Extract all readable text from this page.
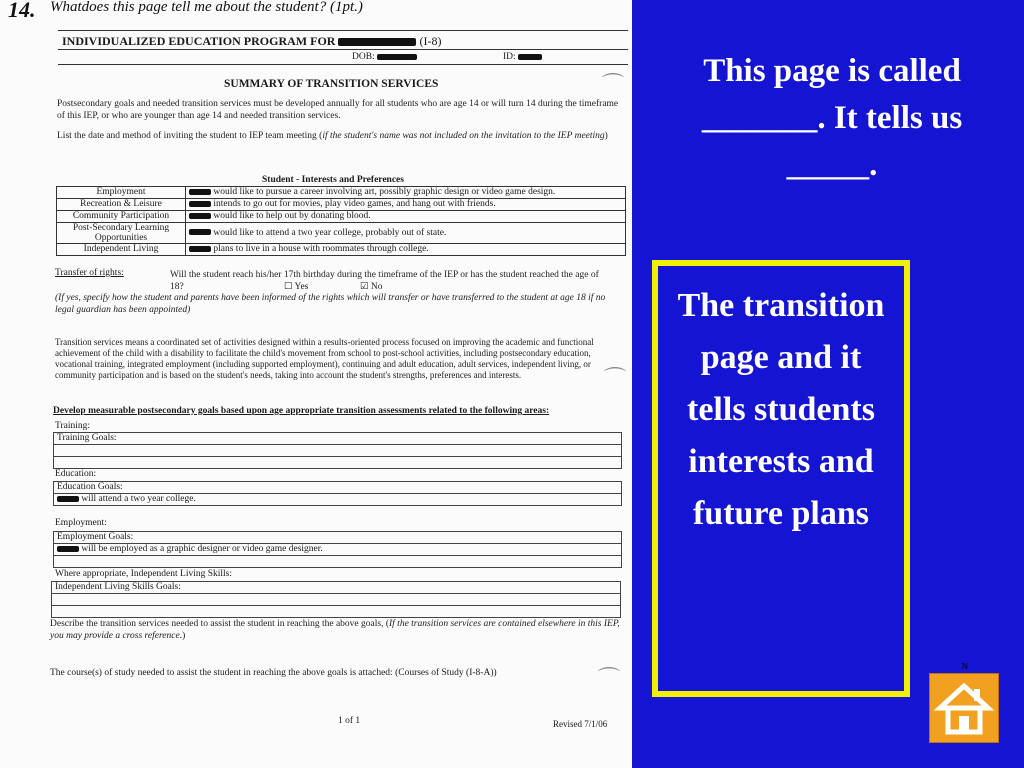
14. Whatdoes this page tell me about the student? (1pt.)
INDIVIDUALIZED EDUCATION PROGRAM FOR	(I-8)
DOB:	ID:
SUMMARY OF TRANSITION SERVICES	⌒
Postsecondary goals and needed transition services must be developed annually for all students who are age 14 or will turn 14 during the timeframe of this IEP, or who are younger than age 14 and needed transition services.
List the date and method of inviting the student to IEP team meeting (if the student's name was not included on the invitation to the IEP meeting)
Student - Interests and Preferences
Employment	would like to pursue a career involving art, possibly graphic design or video game design.
Recreation & Leisure	intends to go out for movies, play video games, and hang out with friends.
Community Participation	would like to help out by donating blood.
Post-Secondary Learning Opportunities	would like to attend a two year college, probably out of state.
Independent Living	plans to live in a house with roommates through college.
Transfer of rights:	Will the student reach his/her 17th birthday during the timeframe of the IEP or has the student reached the age of 18?	☐ Yes	☑ No
(If yes, specify how the student and parents have been informed of the rights which will transfer or have transferred to the student at age 18 if no legal guardian has been appointed)
Transition services means a coordinated set of activities designed within a results-oriented process focused on improving the academic and functional achievement of the child with a disability to facilitate the child's movement from school to post-school activities, including postsecondary education, vocational training, integrated employment (including supported employment), continuing and adult education, adult services, independent living, or community participation and is based on the student's needs, taking into account the student's strengths, preferences and interests.	⌒
Develop measurable postsecondary goals based upon age appropriate transition assessments related to the following areas:
Training:
Training Goals:
Education:
Education Goals:
will attend a two year college.
Employment:
Employment Goals:
will be employed as a graphic designer or video game designer.
Where appropriate, Independent Living Skills:
Independent Living Skills Goals:
Describe the transition services needed to assist the student in reaching the above goals, (If the transition services are contained elsewhere in this IEP, you may provide a cross reference.)
The course(s) of study needed to assist the student in reaching the above goals is attached: (Courses of Study (I-8-A))	⌒
1 of 1	Revised 7/1/06
This page is called _______. It tells us _____.
The transition page and it tells students interests and future plans
N
